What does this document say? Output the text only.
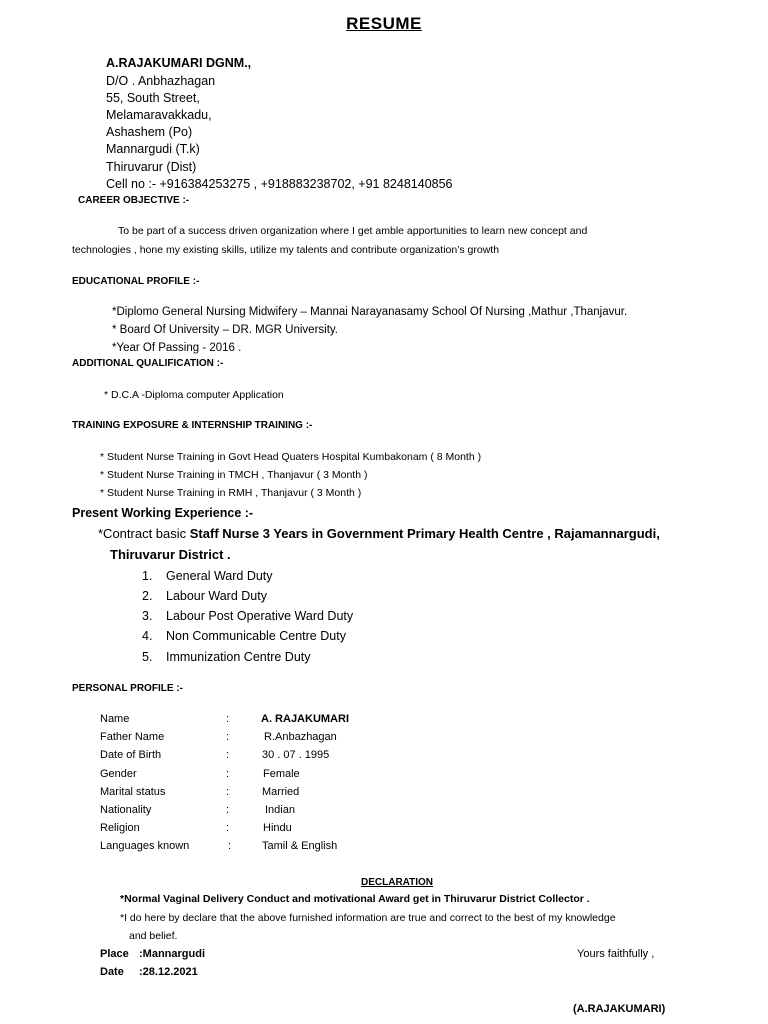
RESUME
A.RAJAKUMARI DGNM.,
D/O . Anbhazhagan
55, South Street,
Melamaravakkadu,
Ashashem (Po)
Mannargudi (T.k)
Thiruvarur (Dist)
Cell no :- +916384253275 , +918883238702, +91 8248140856
CAREER OBJECTIVE :-
To be part of a success driven organization where I get amble apportunities to learn new concept and
technologies , hone my existing skills, utilize my talents and contribute organization’s growth
EDUCATIONAL PROFILE :-
*Diplomo General Nursing Midwifery – Mannai Narayanasamy School Of Nursing ,Mathur ,Thanjavur.
* Board Of University – DR. MGR University.
*Year Of Passing - 2016 .
ADDITIONAL QUALIFICATION :-
* D.C.A -Diploma computer Application
TRAINING EXPOSURE & INTERNSHIP TRAINING :-
* Student Nurse Training in Govt Head Quaters Hospital Kumbakonam ( 8 Month )
* Student Nurse Training in TMCH , Thanjavur ( 3 Month )
* Student Nurse Training in RMH , Thanjavur ( 3 Month )
Present Working Experience :-
*Contract basic Staff Nurse 3 Years in Government Primary Health Centre , Rajamannargudi,
Thiruvarur District .
1. General Ward Duty
2. Labour Ward Duty
3. Labour Post Operative Ward Duty
4. Non Communicable Centre Duty
5. Immunization Centre Duty
PERSONAL PROFILE :-
Name	:	A. RAJAKUMARI
Father Name	:	R.Anbazhagan
Date of Birth	:	30 . 07 . 1995
Gender	:	Female
Marital status	:	Married
Nationality	:	Indian
Religion	:	Hindu
Languages known	:	Tamil & English
DECLARATION
*Normal Vaginal Delivery Conduct and motivational Award get in Thiruvarur District Collector .
*I do here by declare that the above furnished information are true and correct to the best of my knowledge
and belief.
Place :Mannargudi
Date :28.12.2021
Yours faithfully ,
(A.RAJAKUMARI)
